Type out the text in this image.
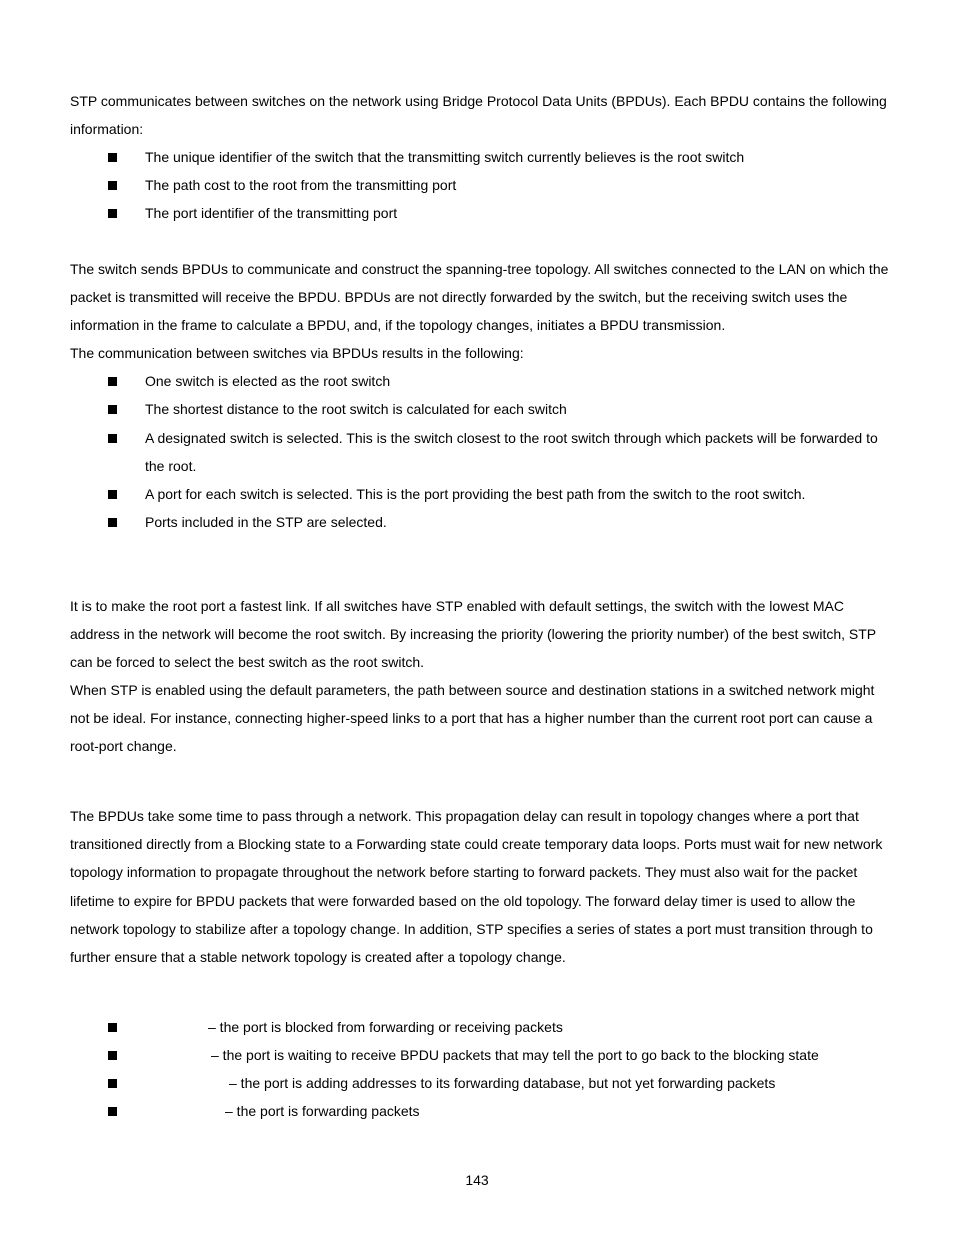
STP communicates between switches on the network using Bridge Protocol Data Units (BPDUs). Each BPDU contains the following
information:
The unique identifier of the switch that the transmitting switch currently believes is the root switch
The path cost to the root from the transmitting port
The port identifier of the transmitting port
The switch sends BPDUs to communicate and construct the spanning-tree topology. All switches connected to the LAN on which the
packet is transmitted will receive the BPDU. BPDUs are not directly forwarded by the switch, but the receiving switch uses the
information in the frame to calculate a BPDU, and, if the topology changes, initiates a BPDU transmission.
The communication between switches via BPDUs results in the following:
One switch is elected as the root switch
The shortest distance to the root switch is calculated for each switch
A designated switch is selected. This is the switch closest to the root switch through which packets will be forwarded to
the root.
A port for each switch is selected. This is the port providing the best path from the switch to the root switch.
Ports included in the STP are selected.
It is to make the root port a fastest link. If all switches have STP enabled with default settings, the switch with the lowest MAC
address in the network will become the root switch. By increasing the priority (lowering the priority number) of the best switch, STP
can be forced to select the best switch as the root switch.
When STP is enabled using the default parameters, the path between source and destination stations in a switched network might
not be ideal. For instance, connecting higher-speed links to a port that has a higher number than the current root port can cause a
root-port change.
The BPDUs take some time to pass through a network. This propagation delay can result in topology changes where a port that
transitioned directly from a Blocking state to a Forwarding state could create temporary data loops. Ports must wait for new network
topology information to propagate throughout the network before starting to forward packets. They must also wait for the packet
lifetime to expire for BPDU packets that were forwarded based on the old topology. The forward delay timer is used to allow the
network topology to stabilize after a topology change. In addition, STP specifies a series of states a port must transition through to
further ensure that a stable network topology is created after a topology change.
– the port is blocked from forwarding or receiving packets
– the port is waiting to receive BPDU packets that may tell the port to go back to the blocking state
– the port is adding addresses to its forwarding database, but not yet forwarding packets
– the port is forwarding packets
143
